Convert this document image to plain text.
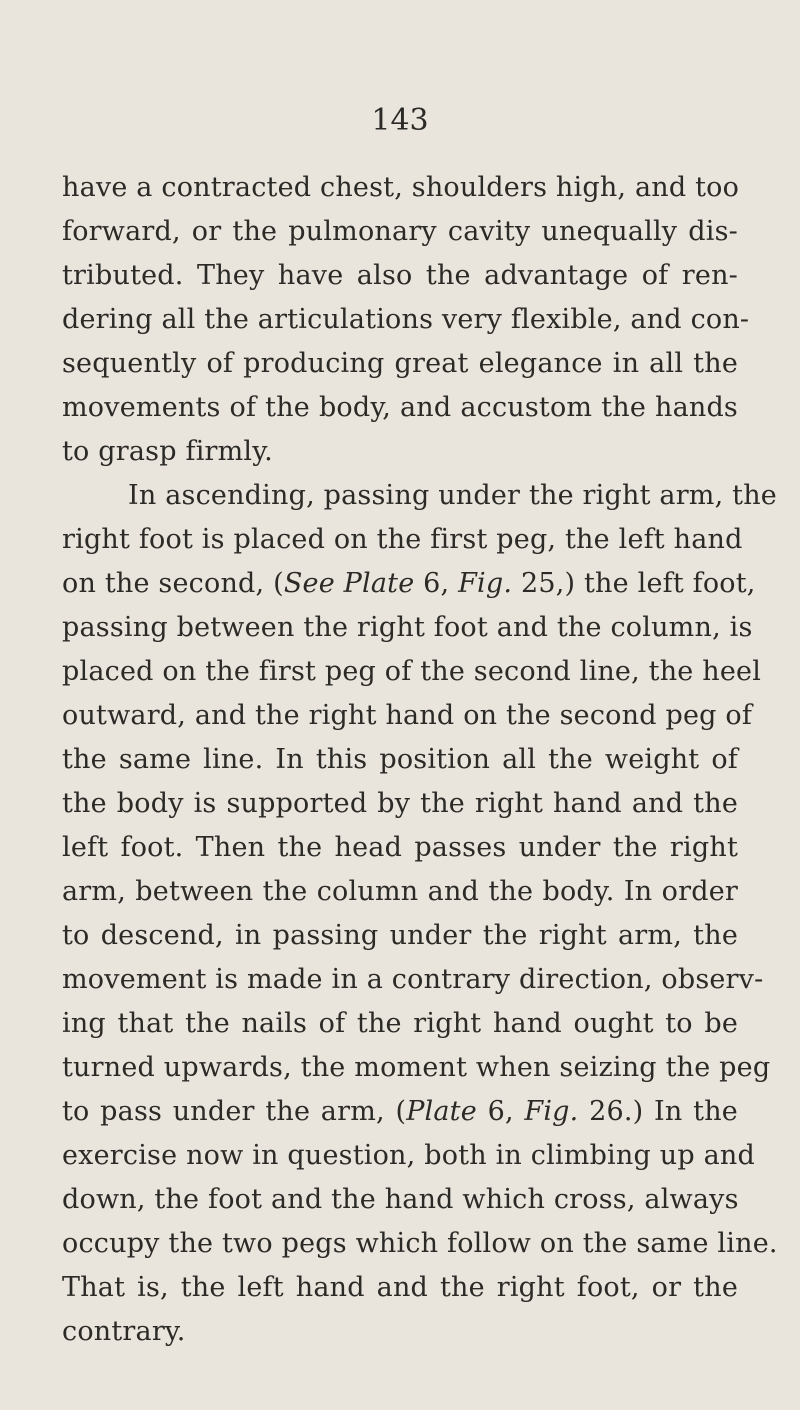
143
have a contracted chest, shoulders high, and too
forward, or the pulmonary cavity unequally dis-
tributed. They have also the advantage of ren-
dering all the articulations very flexible, and con-
sequently of producing great elegance in all the
movements of the body, and accustom the hands
to grasp firmly.
In ascending, passing under the right arm, the
right foot is placed on the first peg, the left hand
on the second, (See Plate 6, Fig. 25,) the left foot,
passing between the right foot and the column, is
placed on the first peg of the second line, the heel
outward, and the right hand on the second peg of
the same line. In this position all the weight of
the body is supported by the right hand and the
left foot. Then the head passes under the right
arm, between the column and the body. In order
to descend, in passing under the right arm, the
movement is made in a contrary direction, observ-
ing that the nails of the right hand ought to be
turned upwards, the moment when seizing the peg
to pass under the arm, (Plate 6, Fig. 26.) In the
exercise now in question, both in climbing up and
down, the foot and the hand which cross, always
occupy the two pegs which follow on the same line.
That is, the left hand and the right foot, or the
contrary.
